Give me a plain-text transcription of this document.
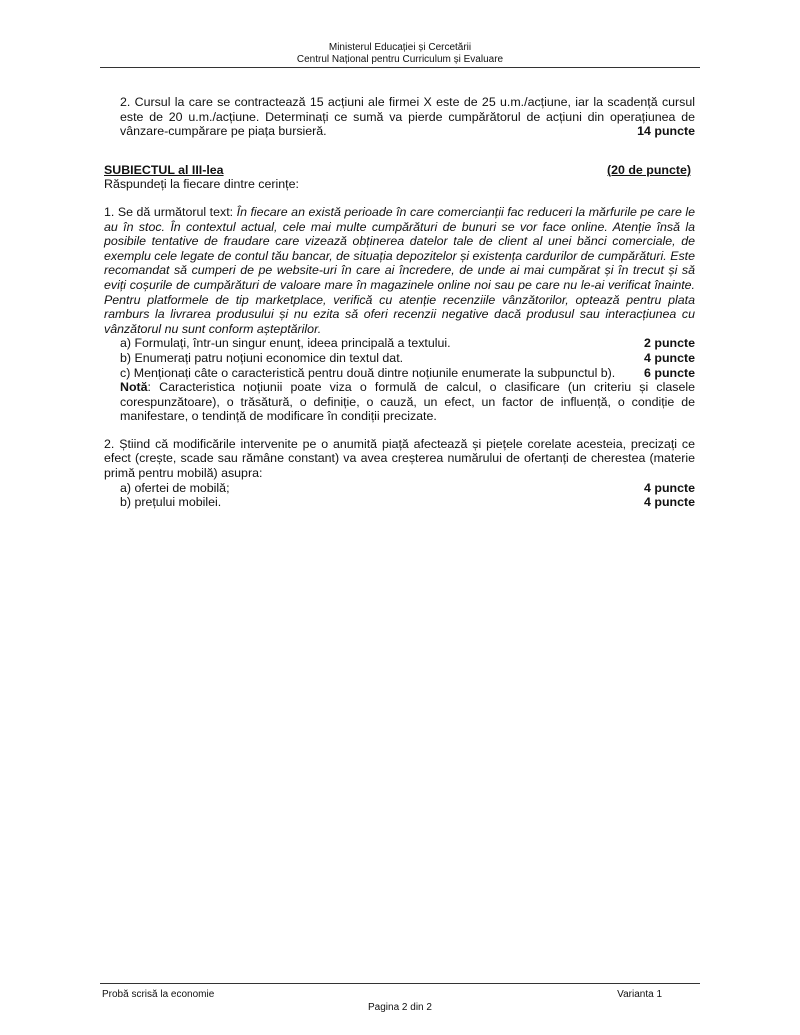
Ministerul Educației și Cercetării
Centrul Național pentru Curriculum și Evaluare
2. Cursul la care se contractează 15 acțiuni ale firmei X este de 25 u.m./acțiune, iar la scadență cursul este de 20 u.m./acțiune. Determinați ce sumă va pierde cumpărătorul de acțiuni din operațiunea de vânzare-cumpărare pe piața bursieră.	14 puncte
SUBIECTUL al III-lea	(20 de puncte)
Răspundeți la fiecare dintre cerințe:
1. Se dă următorul text: În fiecare an există perioade în care comercianții fac reduceri la mărfurile pe care le au în stoc. În contextul actual, cele mai multe cumpărături de bunuri se vor face online. Atenție însă la posibile tentative de fraudare care vizează obținerea datelor tale de client al unei bănci comerciale, de exemplu cele legate de contul tău bancar, de situația depozitelor și existența cardurilor de cumpărături. Este recomandat să cumperi de pe website-uri în care ai încredere, de unde ai mai cumpărat și în trecut și să eviți coșurile de cumpărături de valoare mare în magazinele online noi sau pe care nu le-ai verificat înainte. Pentru platformele de tip marketplace, verifică cu atenție recenziile vânzătorilor, optează pentru plata ramburs la livrarea produsului și nu ezita să oferi recenzii negative dacă produsul sau interacțiunea cu vânzătorul nu sunt conform așteptărilor.
a) Formulați, într-un singur enunț, ideea principală a textului.	2 puncte
b) Enumerați patru noțiuni economice din textul dat.	4 puncte
c) Menționați câte o caracteristică pentru două dintre noțiunile enumerate la subpunctul b).	6 puncte
Notă: Caracteristica noțiunii poate viza o formulă de calcul, o clasificare (un criteriu și clasele corespunzătoare), o trăsătură, o definiție, o cauză, un efect, un factor de influență, o condiție de manifestare, o tendință de modificare în condiții precizate.
2. Știind că modificările intervenite pe o anumită piață afectează și piețele corelate acesteia, precizați ce efect (crește, scade sau rămâne constant) va avea creșterea numărului de ofertanți de cherestea (materie primă pentru mobilă) asupra:
a) ofertei de mobilă;	4 puncte
b) prețului mobilei.	4 puncte
Probă scrisă la economie	Varianta 1
Pagina 2 din 2
